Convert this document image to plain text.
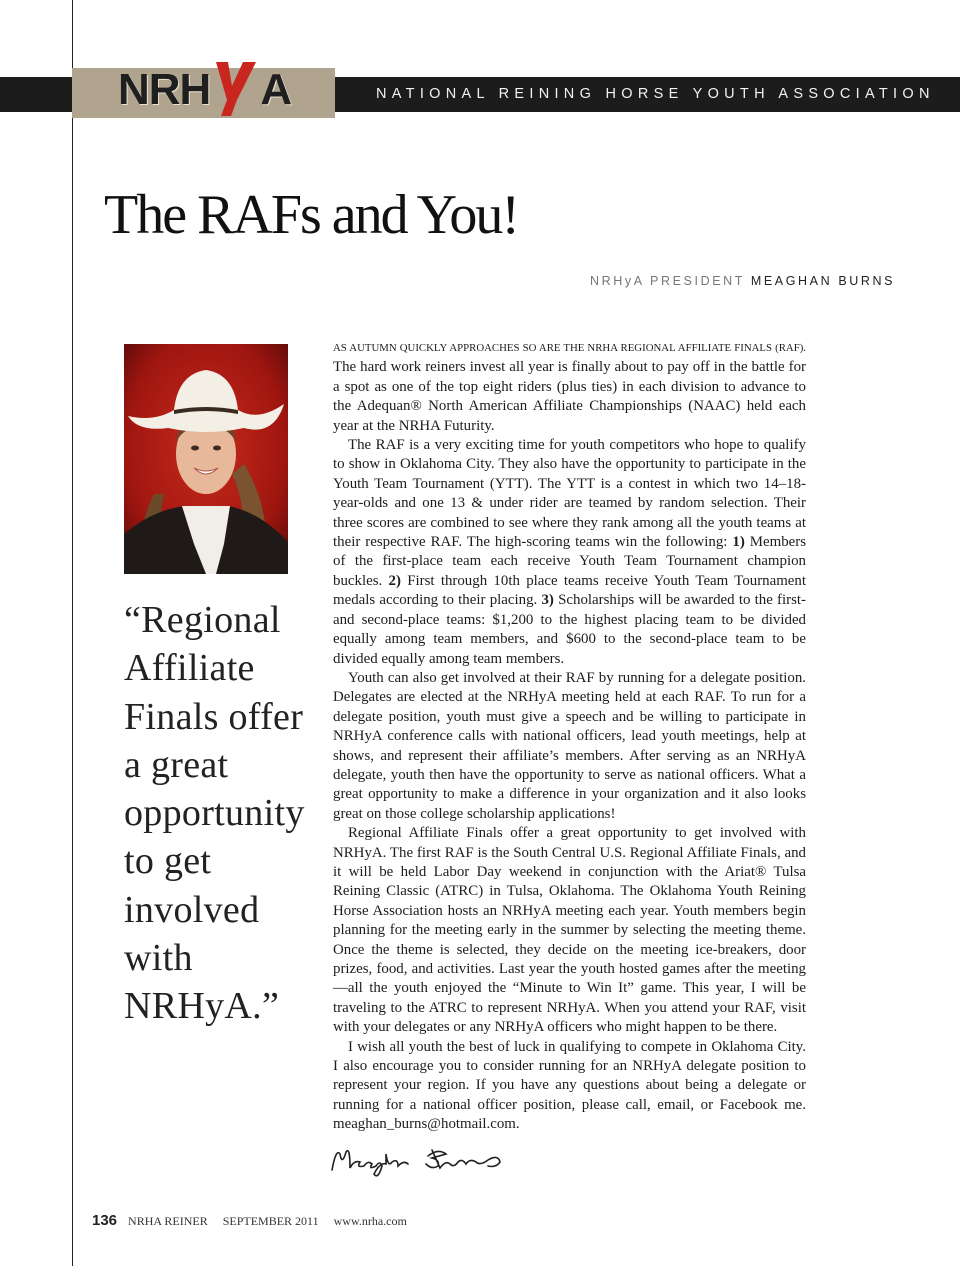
NRH A	NATIONAL REINING HORSE YOUTH ASSOCIATION
The RAFs and You!
NRHyA PRESIDENT MEAGHAN BURNS
“Regional
Affiliate
Finals offer
a great
opportunity
to get
involved
with
NRHyA.”

AS AUTUMN QUICKLY APPROACHES SO ARE THE NRHA REGIONAL AFFILIATE FINALS (RAF). The hard work reiners invest all year is finally about to pay off in the battle for a spot as one of the top eight riders (plus ties) in each division to advance to the Adequan® North American Affiliate Championships (NAAC) held each year at the NRHA Futurity.

The RAF is a very exciting time for youth competitors who hope to qualify to show in Oklahoma City. They also have the opportunity to participate in the Youth Team Tournament (YTT). The YTT is a contest in which two 14–18-year-olds and one 13 & under rider are teamed by random selection. Their three scores are combined to see where they rank among all the youth teams at their respective RAF. The high-scoring teams win the following: 1) Members of the first-place team each receive Youth Team Tournament champion buckles. 2) First through 10th place teams receive Youth Team Tournament medals according to their placing. 3) Scholarships will be awarded to the first- and second-place teams: $1,200 to the highest placing team to be divided equally among team members, and $600 to the second-place team to be divided equally among team members.

Youth can also get involved at their RAF by running for a delegate position. Delegates are elected at the NRHyA meeting held at each RAF. To run for a delegate position, youth must give a speech and be willing to participate in NRHyA conference calls with national officers, lead youth meetings, help at shows, and represent their affiliate’s members. After serving as an NRHyA delegate, youth then have the opportunity to serve as national officers. What a great opportunity to make a difference in your organization and it also looks great on those college scholarship applications!

Regional Affiliate Finals offer a great opportunity to get involved with NRHyA. The first RAF is the South Central U.S. Regional Affiliate Finals, and it will be held Labor Day weekend in conjunction with the Ariat® Tulsa Reining Classic (ATRC) in Tulsa, Oklahoma. The Oklahoma Youth Reining Horse Association hosts an NRHyA meeting each year. Youth members begin planning for the meeting early in the summer by selecting the meeting theme. Once the theme is selected, they decide on the meeting ice-breakers, door prizes, food, and activities. Last year the youth hosted games after the meeting—all the youth enjoyed the “Minute to Win It” game. This year, I will be traveling to the ATRC to represent NRHyA. When you attend your RAF, visit with your delegates or any NRHyA officers who might happen to be there.

I wish all youth the best of luck in qualifying to compete in Oklahoma City. I also encourage you to consider running for an NRHyA delegate position to represent your region. If you have any questions about being a delegate or running for a national officer position, please call, email, or Facebook me. meaghan_burns@hotmail.com.

136 NRHA REINER SEPTEMBER 2011 www.nrha.com
